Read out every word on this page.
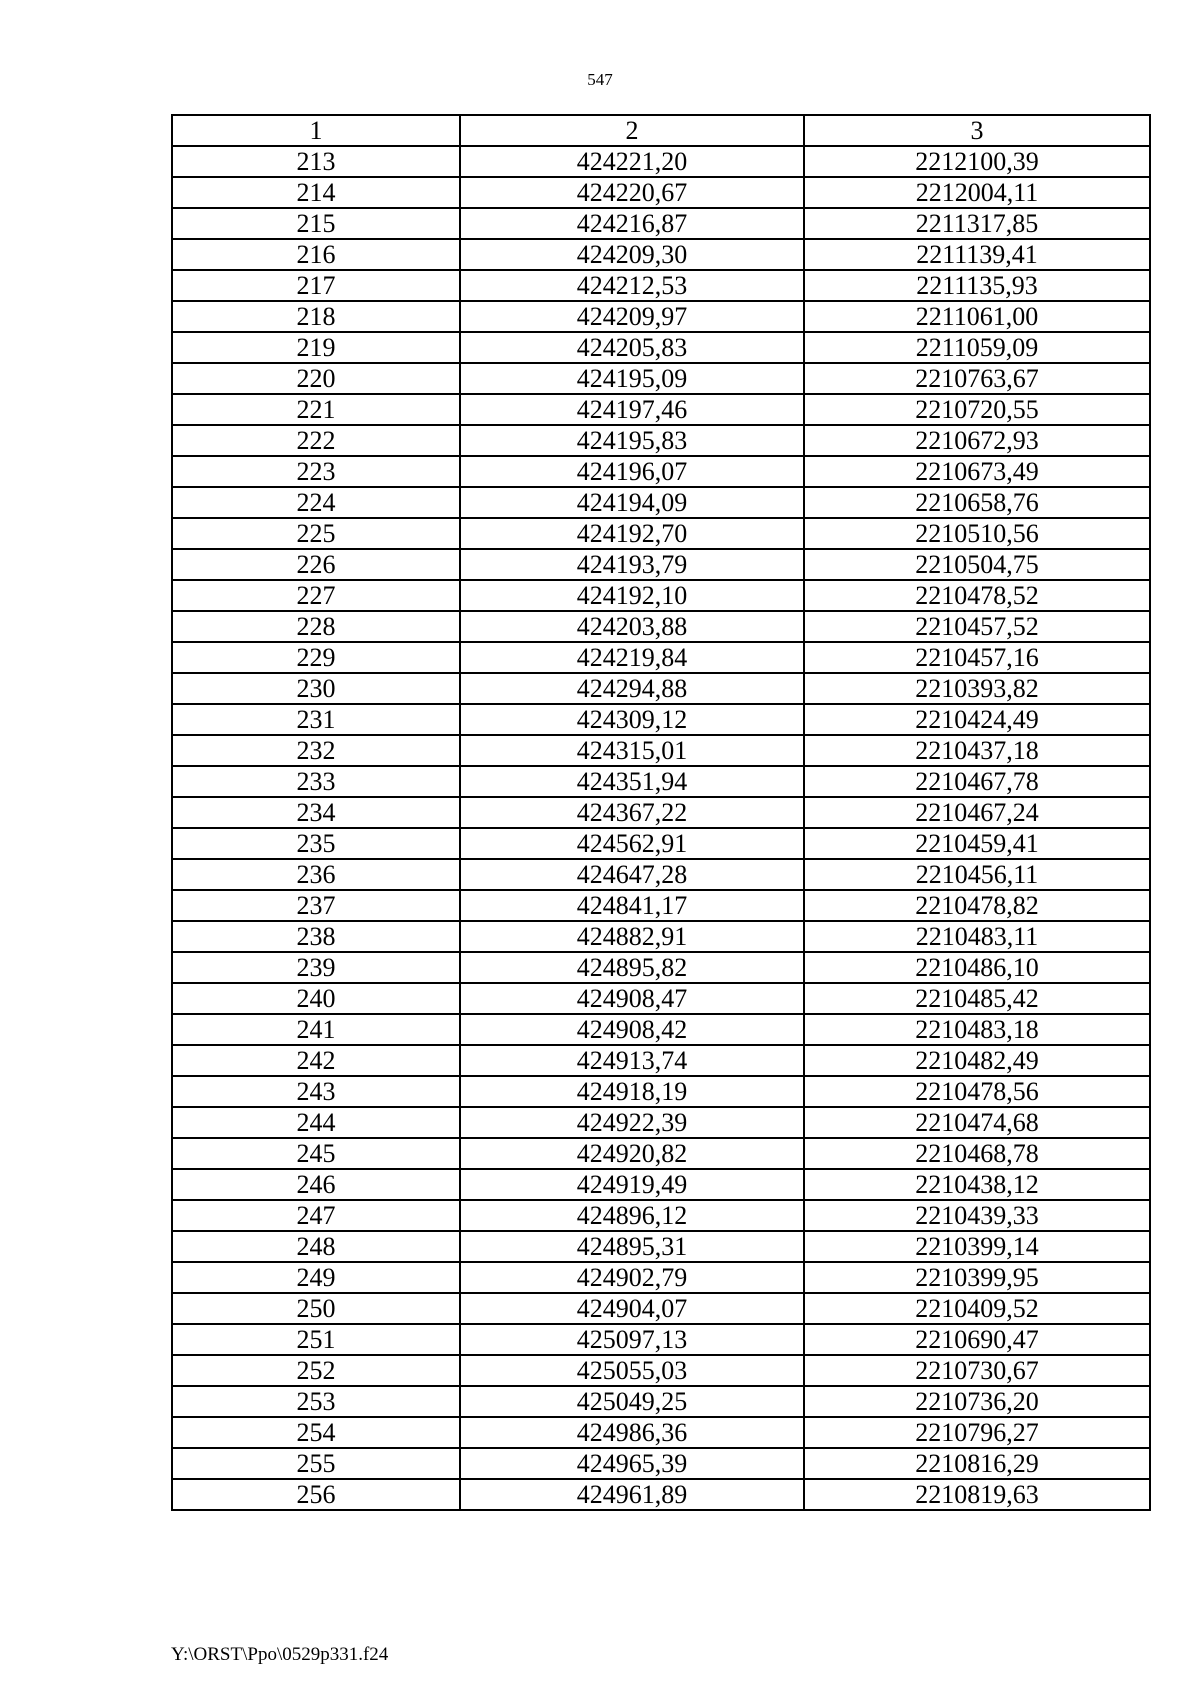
547
1	2	3
213	424221,20	2212100,39
214	424220,67	2212004,11
215	424216,87	2211317,85
216	424209,30	2211139,41
217	424212,53	2211135,93
218	424209,97	2211061,00
219	424205,83	2211059,09
220	424195,09	2210763,67
221	424197,46	2210720,55
222	424195,83	2210672,93
223	424196,07	2210673,49
224	424194,09	2210658,76
225	424192,70	2210510,56
226	424193,79	2210504,75
227	424192,10	2210478,52
228	424203,88	2210457,52
229	424219,84	2210457,16
230	424294,88	2210393,82
231	424309,12	2210424,49
232	424315,01	2210437,18
233	424351,94	2210467,78
234	424367,22	2210467,24
235	424562,91	2210459,41
236	424647,28	2210456,11
237	424841,17	2210478,82
238	424882,91	2210483,11
239	424895,82	2210486,10
240	424908,47	2210485,42
241	424908,42	2210483,18
242	424913,74	2210482,49
243	424918,19	2210478,56
244	424922,39	2210474,68
245	424920,82	2210468,78
246	424919,49	2210438,12
247	424896,12	2210439,33
248	424895,31	2210399,14
249	424902,79	2210399,95
250	424904,07	2210409,52
251	425097,13	2210690,47
252	425055,03	2210730,67
253	425049,25	2210736,20
254	424986,36	2210796,27
255	424965,39	2210816,29
256	424961,89	2210819,63
Y:\ORST\Ppo\0529p331.f24
